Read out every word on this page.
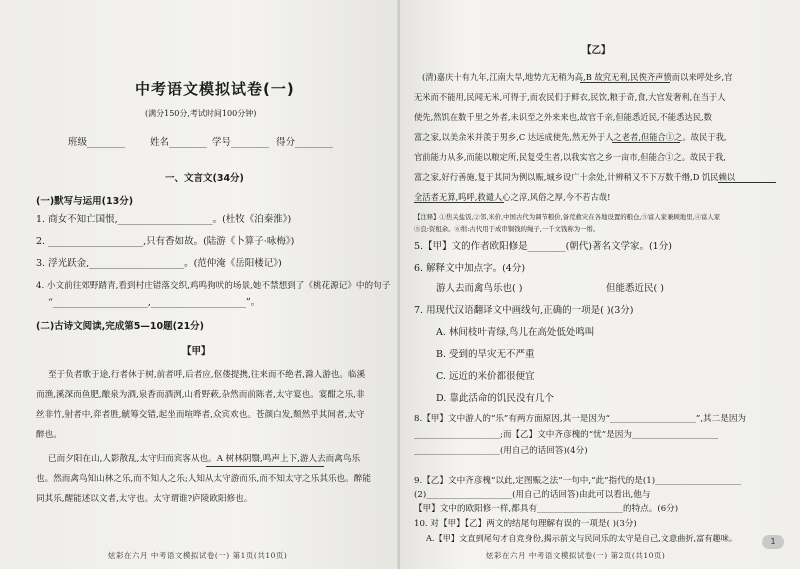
中考语文模拟试卷(一)
(满分150分,考试时间100分钟)
班级________	姓名________ 学号________ 得分________
一、文言文(34分)
(一)默写与运用(13分)
1. 商女不知亡国恨,____________________。(杜牧《泊秦淮》)
2. ____________________,只有香如故。(陆游《卜算子·咏梅》)
3. 浮光跃金,____________________。(范仲淹《岳阳楼记》)
4. 小文前往郊野踏青,看到村庄错落交织,鸡鸣狗吠的场景,她不禁想到了《桃花源记》中的句子
“____________________,____________________”。
(二)古诗文阅读,完成第5—10题(21分)
【甲】
至于负者歌于途,行者休于树,前者呼,后者应,伛偻提携,往来而不绝者,滁人游也。临溪
而渔,溪深而鱼肥,酿泉为酒,泉香而酒洌,山肴野蔌,杂然而前陈者,太守宴也。宴酣之乐,非
丝非竹,射者中,弈者胜,觥筹交错,起坐而喧哗者,众宾欢也。苍颜白发,颓然乎其间者,太守
醉也。
已而夕阳在山,人影散乱,太守归而宾客从也。A 树林阴翳,鸣声上下,游人去而禽鸟乐
也。然而禽鸟知山林之乐,而不知人之乐;人知从太守游而乐,而不知太守之乐其乐也。醉能
同其乐,醒能述以文者,太守也。太守谓谁?庐陵欧阳修也。
炫彩在六月 中考语文模拟试卷(一) 第1页(共10页)
【乙】
(清)嘉庆十有九年,江南大旱,地势亢无稍为高,B 故究无利,民俟齐声愤而以来呼处乡,官
无米而不能用,民闻无米,可得于,而农民们于鲜衣,民饮,粮于奇,食,大官发奢利,在当于人
使先,然饥在数千里之外者,未识至之外来来也,故官千亲,但能悉近民,不能悉达民,数
富之家,以美余米并羡于男乡,C 达远成使先,然无外于人之老者,但能合①之。故民于我,
官前能力从多,而能以粮定所,民复受生者,以我实官之乡一亩市,但能合①之。故民于我,
富之家,好行善施,复于其同为例以赈,城乡设广十余处,计辨稍又不下万数千缗,D 饥民赖以
全活者无算,呜呼,救谴人心之淳,风俗之厚,今不若古哉!
【注释】①焦关盐饭,②邻,米价,中国古代为调节粮价,备荒救灾在各地设置的粮仓,⑤富人家兼顾地里,④富人家
⑤良:资租余。⑥缗:古代用于成串铜钱的绳子,一千文钱称为一缗。
5.【甲】文的作者欧阳修是________(朝代)著名文学家。(1分)
6. 解释文中加点字。(4分)
游人去而禽鸟乐也( )	但能悉近民( )
7. 用现代汉语翻译文中画线句,正确的一项是( )(3分)
A. 林间枝叶青绿,鸟儿在高处低处鸣叫
B. 受到的旱灾无不严重
C. 远近的米价都很便宜
D. 靠此活命的饥民没有几个
8.【甲】文中游人的“乐”有两方面原因,其一是因为“____________________”,其二是因为
____________________;而【乙】文中齐彦槐的“忧”是因为____________________
____________________(用自己的话回答)(4分)
9.【乙】文中齐彦槐“以此,定图赈之法”一句中,“此”指代的是(1)____________________
(2)____________________(用自己的话回答)由此可以看出,他与
【甲】文中的欧阳修一样,都具有____________________的特点。(6分)
10. 对【甲】【乙】两文的结尾句理解有误的一项是( )(3分)
A.【甲】文直到尾句才自竞身份,揭示前文与民同乐的太守是自己,文意曲折,富有趣味。
炫彩在六月 中考语文模拟试卷(一) 第2页(共10页)
1
